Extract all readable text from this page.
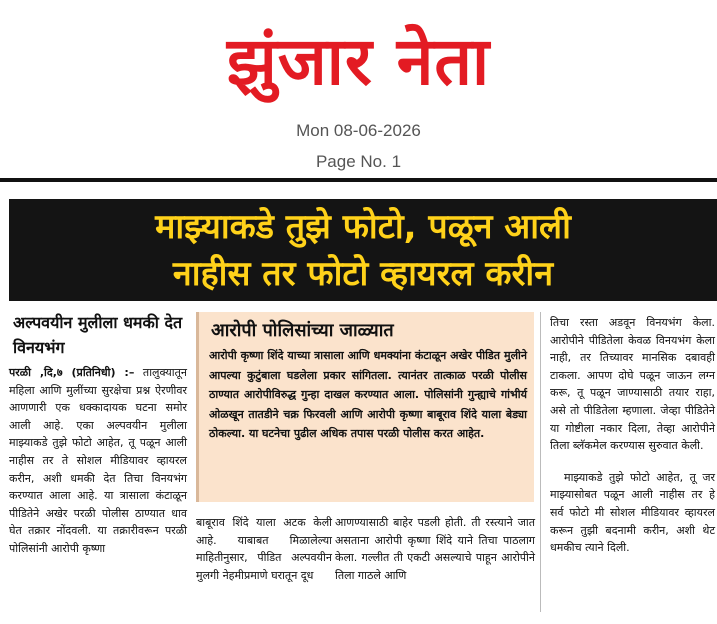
झुंजार नेता
Mon 08-06-2026
Page No. 1
माझ्याकडे तुझे फोटो, पळून आली
नाहीस तर फोटो व्हायरल करीन
अल्पवयीन मुलीला धमकी देत विनयभंग
परळी ,दि,७ (प्रतिनिधी) :– तालुक्यातून महिला आणि मुलींच्या सुरक्षेचा प्रश्न ऐरणीवर आणणारी एक धक्कादायक घटना समोर आली आहे. एका अल्पवयीन मुलीला माझ्याकडे तुझे फोटो आहेत, तू पळून आली नाहीस तर ते सोशल मीडियावर व्हायरल करीन, अशी धमकी देत तिचा विनयभंग करण्यात आला आहे. या त्रासाला कंटाळून पीडितेने अखेर परळी पोलीस ठाण्यात धाव घेत तक्रार नोंदवली. या तक्रारीवरून परळी पोलिसांनी आरोपी कृष्णा
आरोपी पोलिसांच्या जाळ्यात
आरोपी कृष्णा शिंदे याच्या त्रासाला आणि धमक्यांना कंटाळून अखेर पीडित मुलीने आपल्या कुटुंबाला घडलेला प्रकार सांगितला. त्यानंतर तात्काळ परळी पोलीस ठाण्यात आरोपीविरुद्ध गुन्हा दाखल करण्यात आला. पोलिसांनी गुन्ह्याचे गांभीर्य ओळखून तातडीने चक्र फिरवली आणि आरोपी कृष्णा बाबूराव शिंदे याला बेड्या ठोकल्या. या घटनेचा पुढील अधिक तपास परळी पोलीस करत आहेत.
बाबूराव शिंदे याला अटक केली आहे. याबाबत मिळालेल्या माहितीनुसार, पीडित अल्पवयीन मुलगी नेहमीप्रमाणे घरातून दूध
आणण्यासाठी बाहेर पडली होती. ती रस्त्याने जात असताना आरोपी कृष्णा शिंदे याने तिचा पाठलाग केला. गल्लीत ती एकटी असल्याचे पाहून आरोपीने तिला गाठले आणि
तिचा रस्ता अडवून विनयभंग केला. आरोपीने पीडितेला केवळ विनयभंग केला नाही, तर तिच्यावर मानसिक दबावही टाकला. आपण दोघे पळून जाऊन लग्न करू, तू पळून जाण्यासाठी तयार राहा, असे तो पीडितेला म्हणाला. जेव्हा पीडितेने या गोष्टीला नकार दिला, तेव्हा आरोपीने तिला ब्लॅकमेल करण्यास सुरुवात केली.
माझ्याकडे तुझे फोटो आहेत, तू जर माझ्यासोबत पळून आली नाहीस तर हे सर्व फोटो मी सोशल मीडियावर व्हायरल करून तुझी बदनामी करीन, अशी थेट धमकीच त्याने दिली.
